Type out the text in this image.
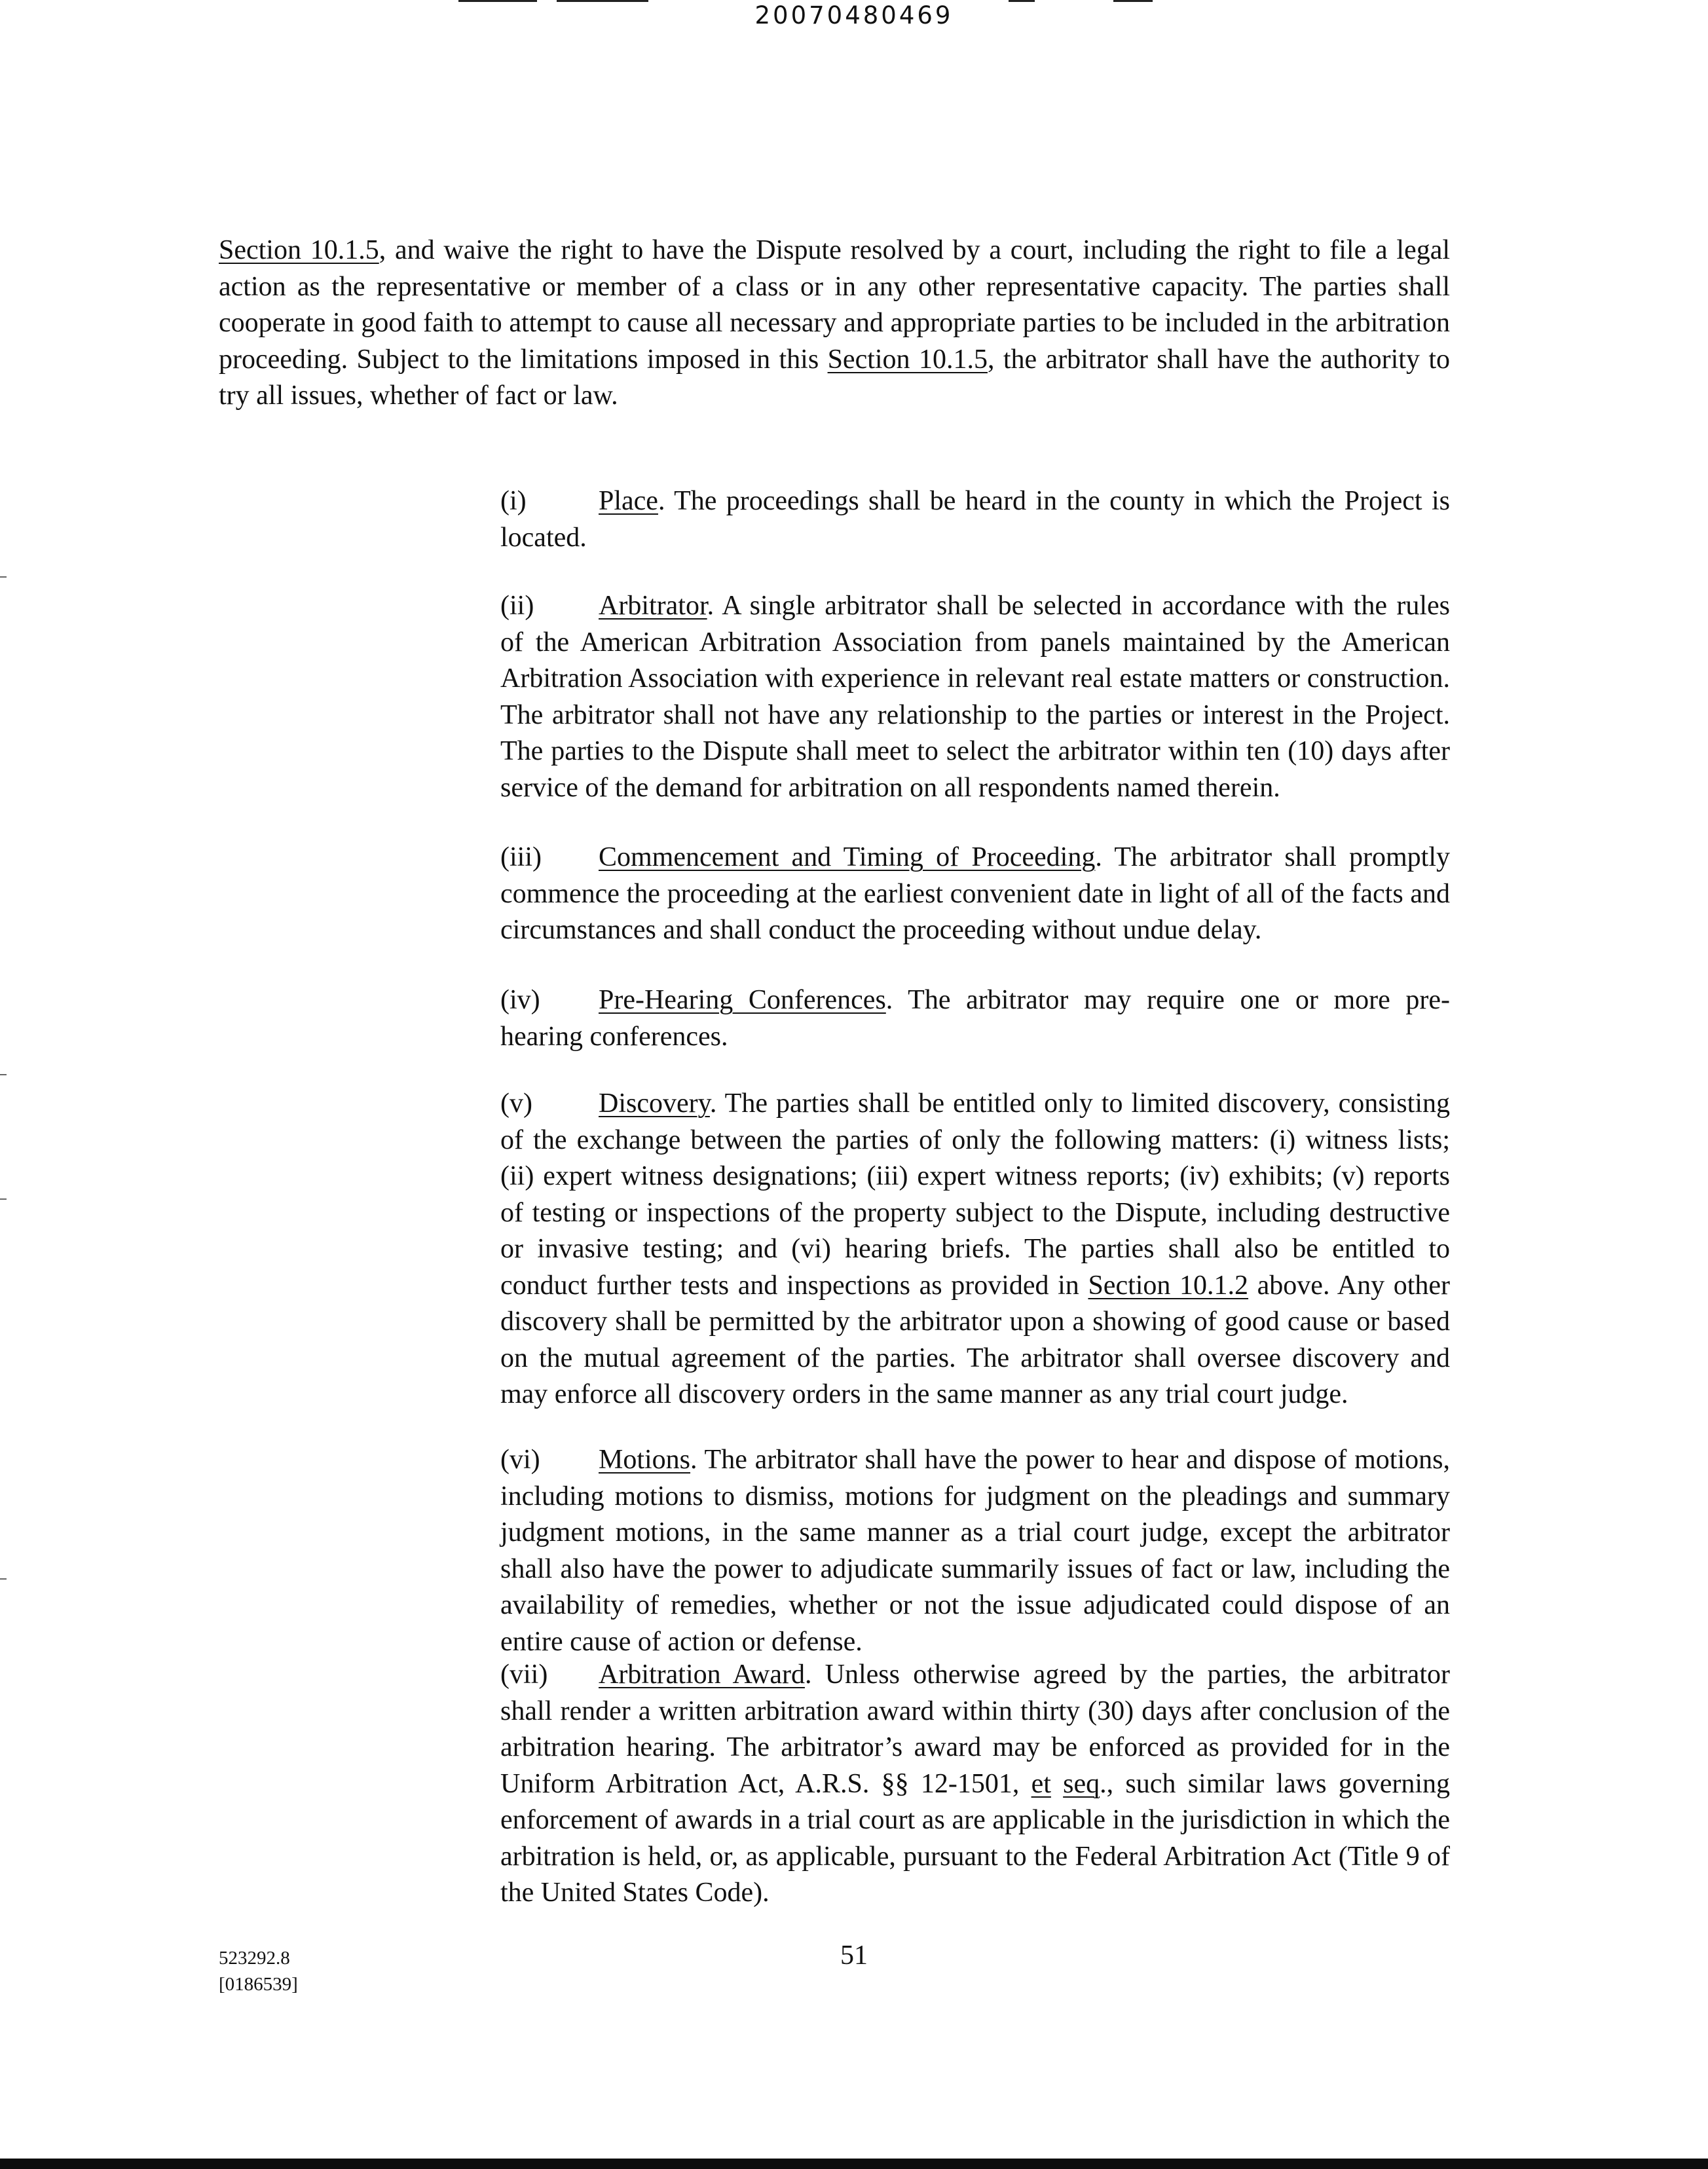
20070480469

Section 10.1.5, and waive the right to have the Dispute resolved by a court, including the right to file a legal action as the representative or member of a class or in any other representative capacity. The parties shall cooperate in good faith to attempt to cause all necessary and appropriate parties to be included in the arbitration proceeding. Subject to the limitations imposed in this Section 10.1.5, the arbitrator shall have the authority to try all issues, whether of fact or law.

(i)	Place. The proceedings shall be heard in the county in which the Project is located.

(ii) Arbitrator. A single arbitrator shall be selected in accordance with the rules of the American Arbitration Association from panels maintained by the American Arbitration Association with experience in relevant real estate matters or construction. The arbitrator shall not have any relationship to the parties or interest in the Project. The parties to the Dispute shall meet to select the arbitrator within ten (10) days after service of the demand for arbitration on all respondents named therein.

(iii) Commencement and Timing of Proceeding. The arbitrator shall promptly commence the proceeding at the earliest convenient date in light of all of the facts and circumstances and shall conduct the proceeding without undue delay.

(iv) Pre-Hearing Conferences. The arbitrator may require one or more pre-hearing conferences.

(v) Discovery. The parties shall be entitled only to limited discovery, consisting of the exchange between the parties of only the following matters: (i) witness lists; (ii) expert witness designations; (iii) expert witness reports; (iv) exhibits; (v) reports of testing or inspections of the property subject to the Dispute, including destructive or invasive testing; and (vi) hearing briefs. The parties shall also be entitled to conduct further tests and inspections as provided in Section 10.1.2 above. Any other discovery shall be permitted by the arbitrator upon a showing of good cause or based on the mutual agreement of the parties. The arbitrator shall oversee discovery and may enforce all discovery orders in the same manner as any trial court judge.

(vi) Motions. The arbitrator shall have the power to hear and dispose of motions, including motions to dismiss, motions for judgment on the pleadings and summary judgment motions, in the same manner as a trial court judge, except the arbitrator shall also have the power to adjudicate summarily issues of fact or law, including the availability of remedies, whether or not the issue adjudicated could dispose of an entire cause of action or defense.

(vii) Arbitration Award. Unless otherwise agreed by the parties, the arbitrator shall render a written arbitration award within thirty (30) days after conclusion of the arbitration hearing. The arbitrator’s award may be enforced as provided for in the Uniform Arbitration Act, A.R.S. §§ 12-1501, et seq., such similar laws governing enforcement of awards in a trial court as are applicable in the jurisdiction in which the arbitration is held, or, as applicable, pursuant to the Federal Arbitration Act (Title 9 of the United States Code).

523292.8
[0186539]
51
